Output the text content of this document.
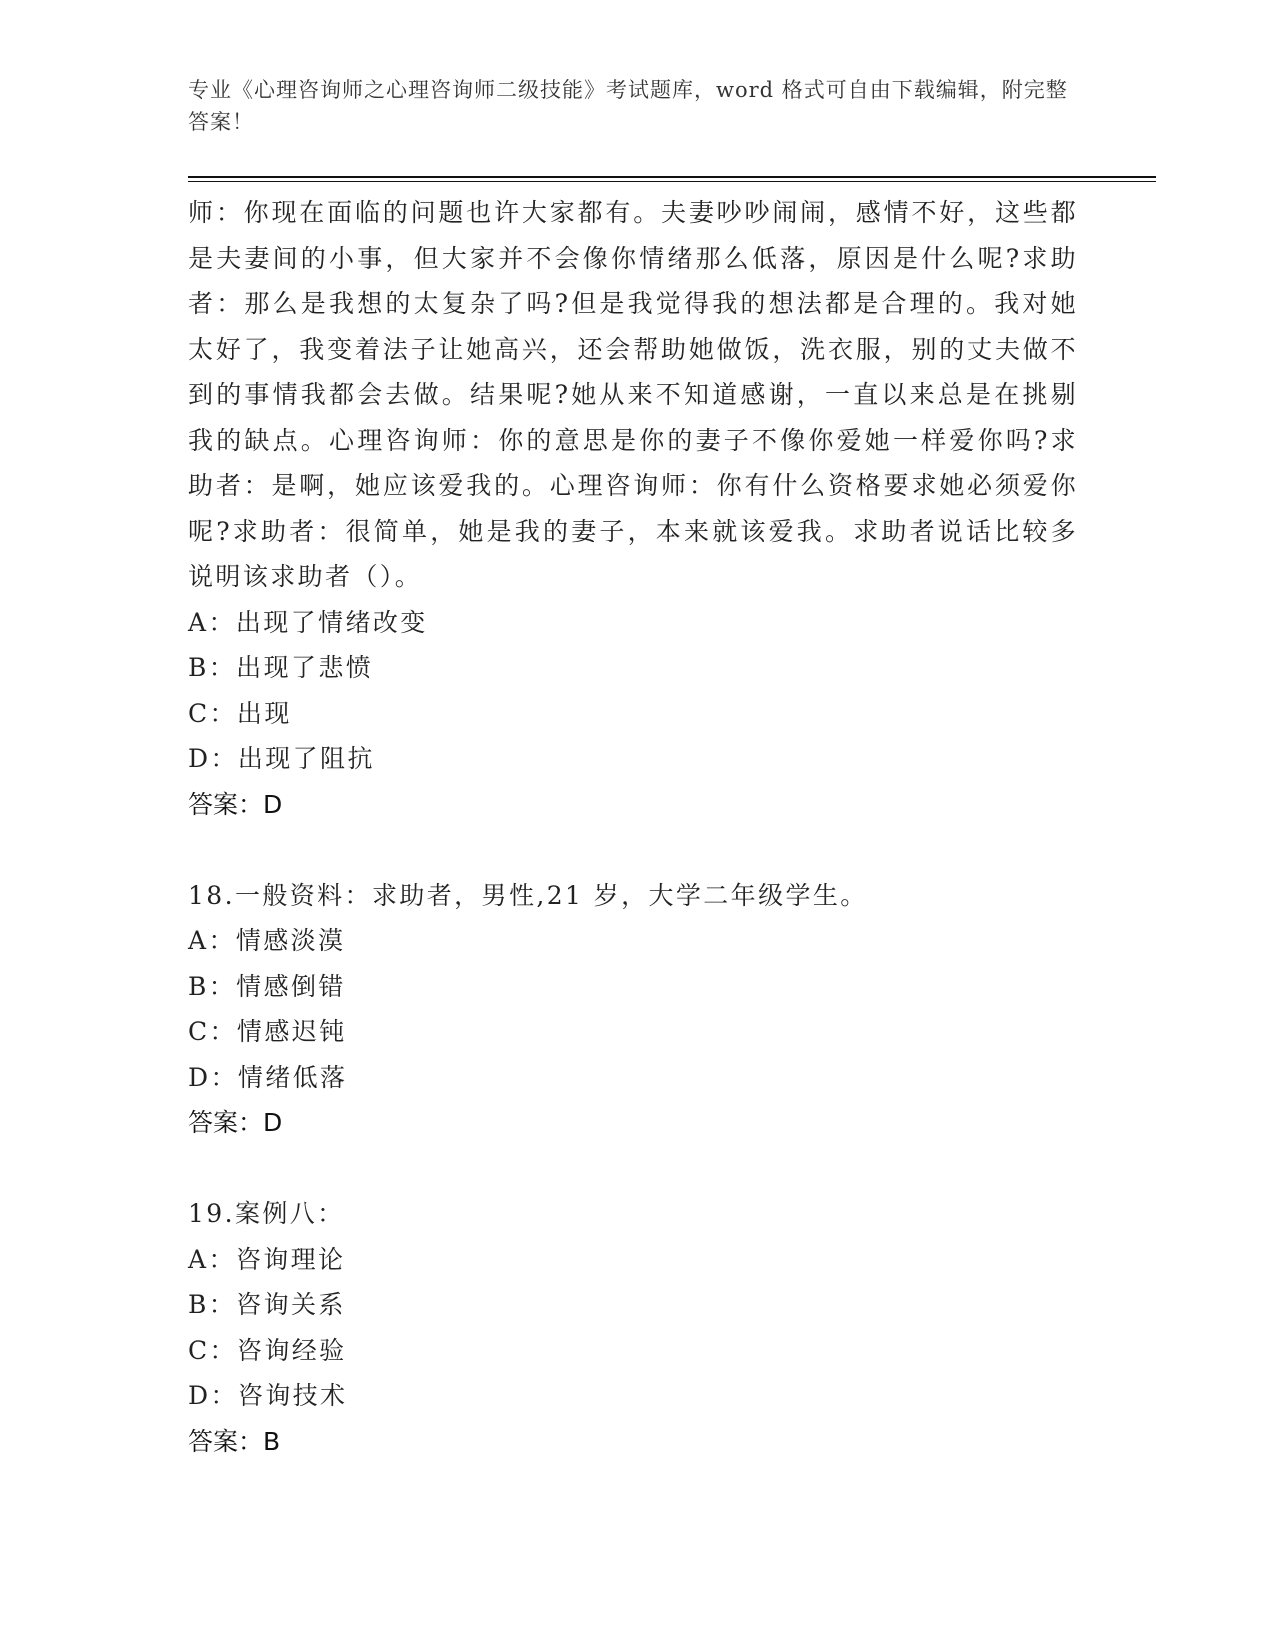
专业《心理咨询师之心理咨询师二级技能》考试题库，word 格式可自由下载编辑，附完整答案！

师：你现在面临的问题也许大家都有。夫妻吵吵闹闹，感情不好，这些都是夫妻间的小事，但大家并不会像你情绪那么低落，原因是什么呢?求助者：那么是我想的太复杂了吗?但是我觉得我的想法都是合理的。我对她太好了，我变着法子让她高兴，还会帮助她做饭，洗衣服，别的丈夫做不到的事情我都会去做。结果呢?她从来不知道感谢，一直以来总是在挑剔我的缺点。心理咨询师：你的意思是你的妻子不像你爱她一样爱你吗?求助者：是啊，她应该爱我的。心理咨询师：你有什么资格要求她必须爱你呢?求助者：很简单，她是我的妻子，本来就该爱我。求助者说话比较多说明该求助者（）。

A：出现了情绪改变

B：出现了悲愤

C：出现

D：出现了阻抗

答案：D

18.一般资料：求助者，男性,21 岁，大学二年级学生。

A：情感淡漠

B：情感倒错

C：情感迟钝

D：情绪低落

答案：D

19.案例八：

A：咨询理论

B：咨询关系

C：咨询经验

D：咨询技术

答案：B
